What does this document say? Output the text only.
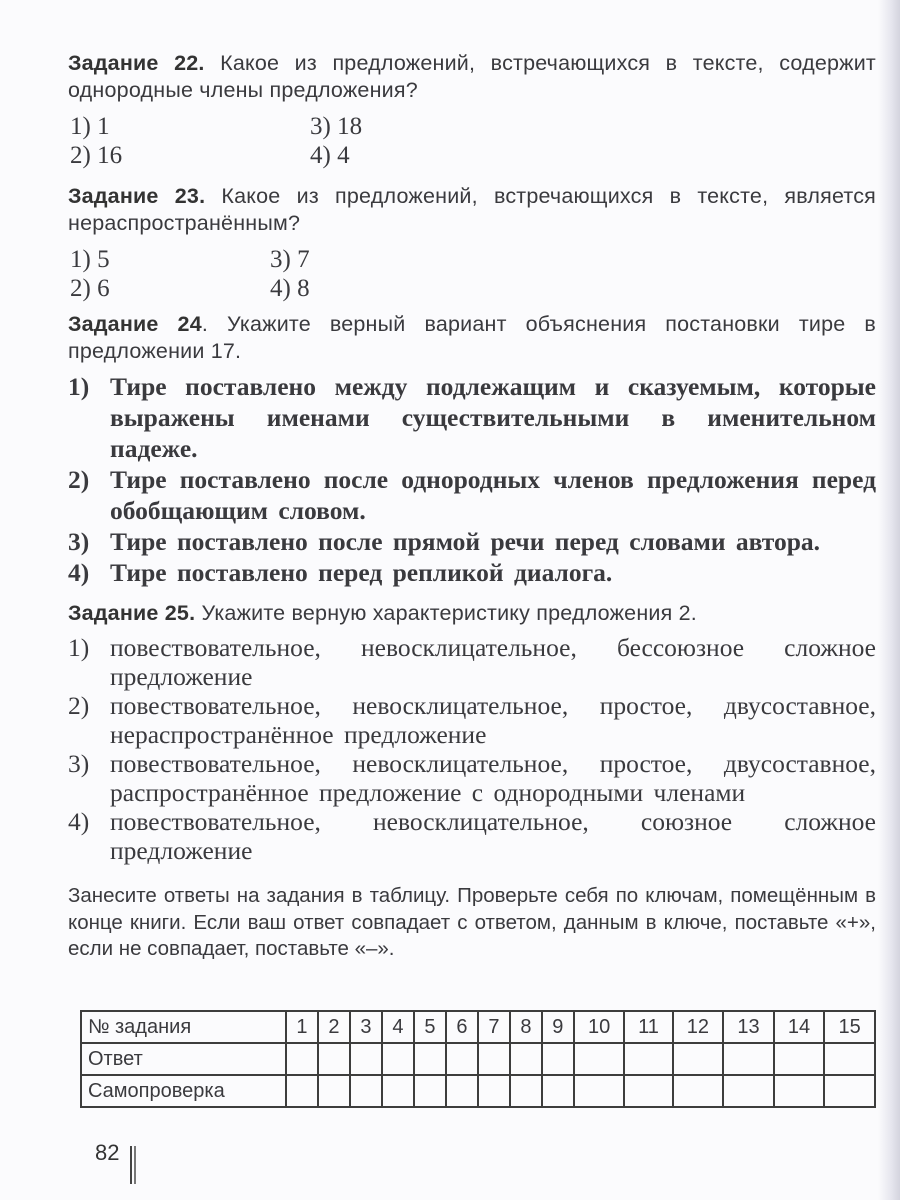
Задание 22. Какое из предложений, встречающихся в тексте, содержит однородные члены предложения?

1) 1	3) 18
2) 16	4) 4

Задание 23. Какое из предложений, встречающихся в тексте, является нераспространённым?

1) 5	3) 7
2) 6	4) 8

Задание 24. Укажите верный вариант объяснения постановки тире в предложении 17.

1) Тире поставлено между подлежащим и сказуемым, которые выражены именами существительными в именительном падеже.
2) Тире поставлено после однородных членов предложения перед обобщающим словом.
3) Тире поставлено после прямой речи перед словами автора.
4) Тире поставлено перед репликой диалога.

Задание 25. Укажите верную характеристику предложения 2.

1) повествовательное, невосклицательное, бессоюзное сложное предложение
2) повествовательное, невосклицательное, простое, двусоставное, нераспространённое предложение
3) повествовательное, невосклицательное, простое, двусоставное, распространённое предложение с однородными членами
4) повествовательное, невосклицательное, союзное сложное предложение

Занесите ответы на задания в таблицу. Проверьте себя по ключам, помещённым в конце книги. Если ваш ответ совпадает с ответом, данным в ключе, поставьте «+», если не совпадает, поставьте «–».

№ задания	1	2	3	4	5	6	7	8	9	10	11	12	13	14	15
Ответ															
Самопроверка															
82
